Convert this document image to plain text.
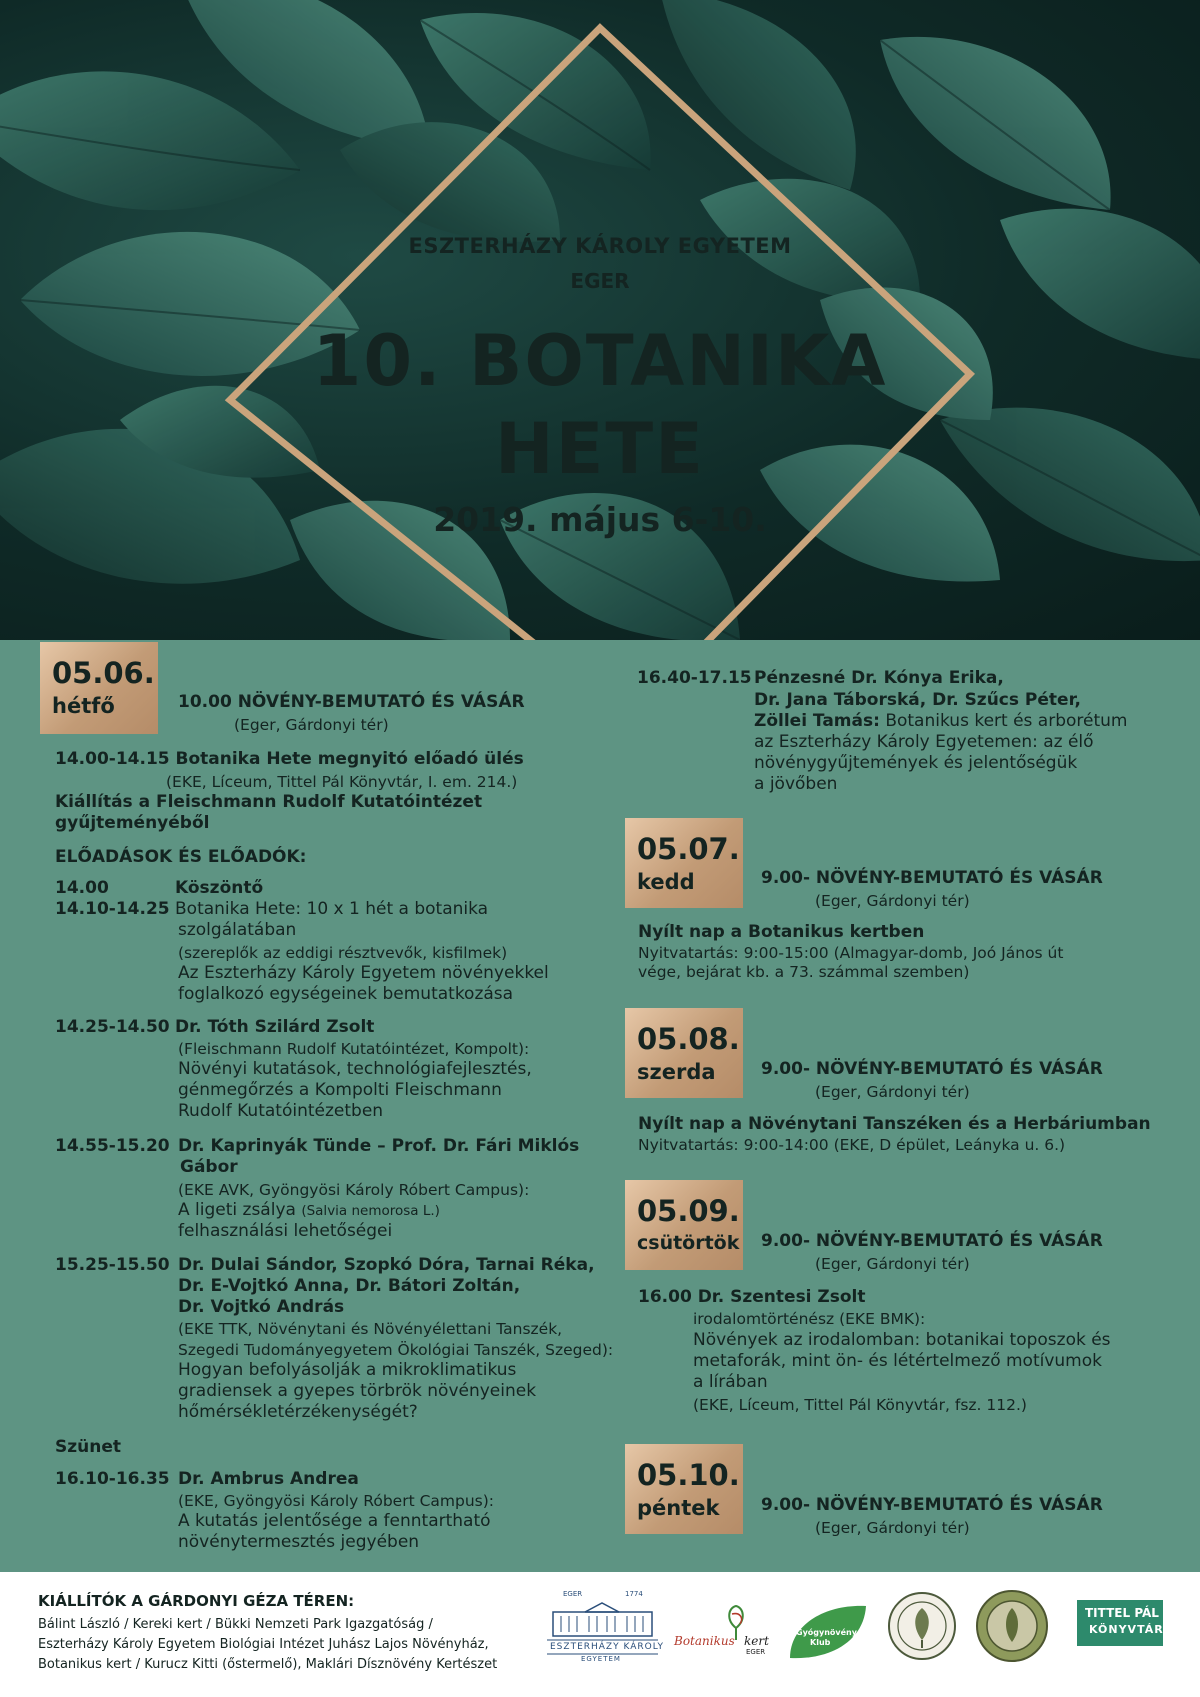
ESZTERHÁZY KÁROLY EGYETEM
EGER
10. BOTANIKA
HETE
2019. május 6-10.
05.06.
hétfő	10.00 NÖVÉNY-BEMUTATÓ ÉS VÁSÁR
(Eger, Gárdonyi tér)
14.00-14.15 Botanika Hete megnyitó előadó ülés
(EKE, Líceum, Tittel Pál Könyvtár, I. em. 214.)
Kiállítás a Fleischmann Rudolf Kutatóintézet
gyűjteményéből
ELŐADÁSOK ÉS ELŐADÓK:
14.00	Köszöntő
14.10-14.25 Botanika Hete: 10 x 1 hét a botanika
szolgálatában
(szereplők az eddigi résztvevők, kisfilmek)
Az Eszterházy Károly Egyetem növényekkel
foglalkozó egységeinek bemutatkozása
14.25-14.50 Dr. Tóth Szilárd Zsolt
(Fleischmann Rudolf Kutatóintézet, Kompolt):
Növényi kutatások, technológiafejlesztés,
génmegőrzés a Kompolti Fleischmann
Rudolf Kutatóintézetben
14.55-15.20 Dr. Kaprinyák Tünde – Prof. Dr. Fári Miklós
Gábor
(EKE AVK, Gyöngyösi Károly Róbert Campus):
A ligeti zsálya (Salvia nemorosa L.)
felhasználási lehetőségei
15.25-15.50 Dr. Dulai Sándor, Szopkó Dóra, Tarnai Réka,
Dr. E-Vojtkó Anna, Dr. Bátori Zoltán,
Dr. Vojtkó András
(EKE TTK, Növénytani és Növényélettani Tanszék,
Szegedi Tudományegyetem Ökológiai Tanszék, Szeged):
Hogyan befolyásolják a mikroklimatikus
gradiensek a gyepes törbrök növényeinek
hőmérsékletérzékenységét?
Szünet
16.10-16.35 Dr. Ambrus Andrea
(EKE, Gyöngyösi Károly Róbert Campus):
A kutatás jelentősége a fenntartható
növénytermesztés jegyében
16.40-17.15 Pénzesné Dr. Kónya Erika,
Dr. Jana Táborská, Dr. Szűcs Péter,
Zöllei Tamás: Botanikus kert és arborétum
az Eszterházy Károly Egyetemen: az élő
növénygyűjtemények és jelentőségük
a jövőben
05.07.
kedd	9.00- NÖVÉNY-BEMUTATÓ ÉS VÁSÁR
(Eger, Gárdonyi tér)
Nyílt nap a Botanikus kertben
Nyitvatartás: 9:00-15:00 (Almagyar-domb, Joó János út
vége, bejárat kb. a 73. számmal szemben)
05.08.
szerda	9.00- NÖVÉNY-BEMUTATÓ ÉS VÁSÁR
(Eger, Gárdonyi tér)
Nyílt nap a Növénytani Tanszéken és a Herbáriumban
Nyitvatartás: 9:00-14:00 (EKE, D épület, Leányka u. 6.)
05.09.
csütörtök 9.00- NÖVÉNY-BEMUTATÓ ÉS VÁSÁR
(Eger, Gárdonyi tér)
16.00 Dr. Szentesi Zsolt
irodalomtörténész (EKE BMK):
Növények az irodalomban: botanikai toposzok és
metaforák, mint ön- és létértelmező motívumok
a lírában
(EKE, Líceum, Tittel Pál Könyvtár, fsz. 112.)
05.10.
péntek 9.00- NÖVÉNY-BEMUTATÓ ÉS VÁSÁR
(Eger, Gárdonyi tér)
KIÁLLÍTÓK A GÁRDONYI GÉZA TÉREN:
Bálint László / Kereki kert / Bükki Nemzeti Park Igazgatóság /
Eszterházy Károly Egyetem Biológiai Intézet Juhász Lajos Növényház,
Botanikus kert / Kurucz Kitti (őstermelő), Maklári Dísznövény Kertészet
EGER	1774
ESZTERHÁZY KÁROLY
EGYETEM
Botanikus kert
EGER
Gyógynövény
Klub
TITTEL PÁL
KÖNYVTÁR
